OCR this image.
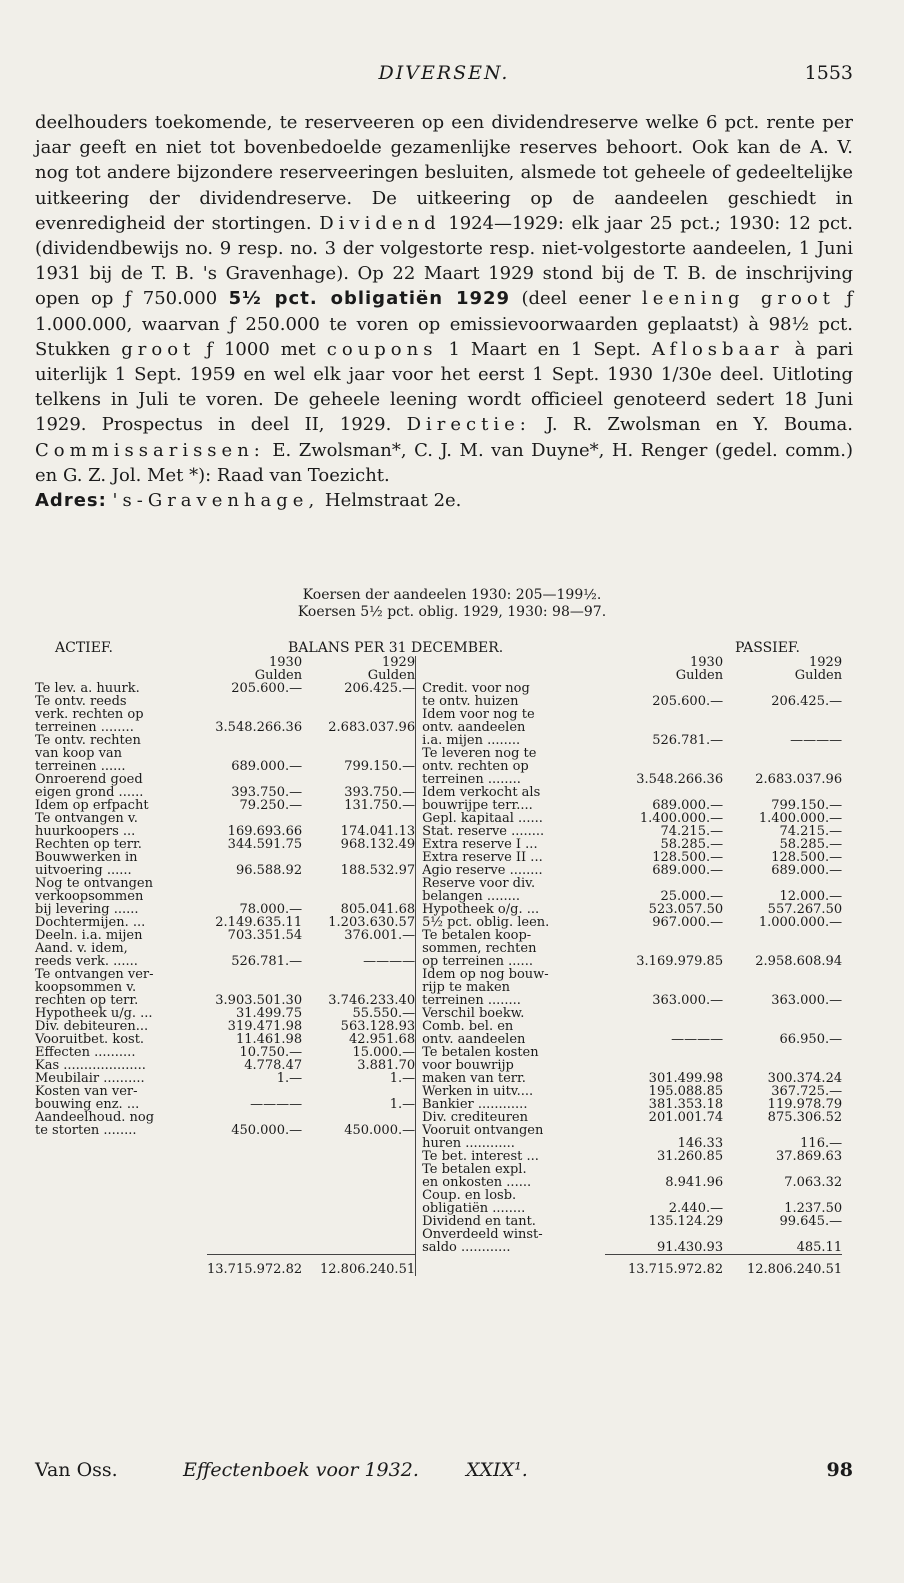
DIVERSEN.	1553

deelhouders toekomende, te reserveeren op een dividendreserve welke 6 pct. rente per jaar geeft en niet tot bovenbedoelde gezamenlijke reserves behoort. Ook kan de A. V. nog tot andere bijzondere reserveeringen besluiten, alsmede tot geheele of gedeeltelijke uitkeering der dividendreserve. De uitkeering op de aandeelen geschiedt in evenredigheid der stortingen. Dividend 1924—1929: elk jaar 25 pct.; 1930: 12 pct. (dividendbewijs no. 9 resp. no. 3 der volgestorte resp. niet-volgestorte aandeelen, 1 Juni 1931 bij de T. B. 's Gravenhage). Op 22 Maart 1929 stond bij de T. B. de inschrijving open op ƒ 750.000 5½ pct. obligatiën 1929 (deel eener leening groot ƒ 1.000.000, waarvan ƒ 250.000 te voren op emissievoorwaarden geplaatst) à 98½ pct. Stukken groot ƒ 1000 met coupons 1 Maart en 1 Sept. Aflosbaar à pari uiterlijk 1 Sept. 1959 en wel elk jaar voor het eerst 1 Sept. 1930 1/30e deel. Uitloting telkens in Juli te voren. De geheele leening wordt officieel genoteerd sedert 18 Juni 1929. Prospectus in deel II, 1929. Directie: J. R. Zwolsman en Y. Bouma. Commissarissen: E. Zwolsman*, C. J. M. van Duyne*, H. Renger (gedel. comm.) en G. Z. Jol. Met *): Raad van Toezicht.

Adres: 's-Gravenhage, Helmstraat 2e.

Koersen der aandeelen 1930: 205—199½.
Koersen 5½ pct. oblig. 1929, 1930: 98—97.
ACTIEF.	BALANS PER 31 DECEMBER.	PASSIEF.
	1930	1929			1930	1929
	Gulden	Gulden			Gulden	Gulden
Te lev. a. huurk.	205.600.—	206.425.—		Credit. voor nog		
Te ontv. reeds				te ontv. huizen	205.600.—	206.425.—
verk. rechten op				Idem voor nog te		
terreinen ........	3.548.266.36	2.683.037.96		ontv. aandeelen		
Te ontv. rechten				i.a. mijen ........	526.781.—	————
van koop van				Te leveren nog te		
terreinen ......	689.000.—	799.150.—		ontv. rechten op		
Onroerend goed				terreinen ........	3.548.266.36	2.683.037.96
eigen grond ......	393.750.—	393.750.—		Idem verkocht als		
Idem op erfpacht	79.250.—	131.750.—		bouwrijpe terr....	689.000.—	799.150.—
Te ontvangen v.				Gepl. kapitaal ......	1.400.000.—	1.400.000.—
huurkoopers ...	169.693.66	174.041.13		Stat. reserve ........	74.215.—	74.215.—
Rechten op terr.	344.591.75	968.132.49		Extra reserve I ...	58.285.—	58.285.—
Bouwwerken in				Extra reserve II ...	128.500.—	128.500.—
uitvoering ......	96.588.92	188.532.97		Agio reserve ........	689.000.—	689.000.—
Nog te ontvangen				Reserve voor div.		
verkoopsommen				belangen ........	25.000.—	12.000.—
bij levering ......	78.000.—	805.041.68		Hypotheek o/g. ...	523.057.50	557.267.50
Dochtermijen. ...	2.149.635.11	1.203.630.57		5½ pct. oblig. leen.	967.000.—	1.000.000.—
Deeln. i.a. mijen	703.351.54	376.001.—		Te betalen koop-		
Aand. v. idem,				sommen, rechten		
reeds verk. ......	526.781.—	————		op terreinen ......	3.169.979.85	2.958.608.94
Te ontvangen ver-				Idem op nog bouw-		
koopsommen v.				rijp te maken		
rechten op terr.	3.903.501.30	3.746.233.40		terreinen ........	363.000.—	363.000.—
Hypotheek u/g. ...	31.499.75	55.550.—		Verschil boekw.		
Div. debiteuren...	319.471.98	563.128.93		Comb. bel. en		
Vooruitbet. kost.	11.461.98	42.951.68		ontv. aandeelen	————	66.950.—
Effecten ..........	10.750.—	15.000.—		Te betalen kosten		
Kas ....................	4.778.47	3.881.70		voor bouwrijp		
Meubilair ..........	1.—	1.—		maken van terr.	301.499.98	300.374.24
Kosten van ver-				Werken in uitv....	195.088.85	367.725.—
bouwing enz. ...	————	1.—		Bankier ............	381.353.18	119.978.79
Aandeelhoud. nog				Div. crediteuren	201.001.74	875.306.52
te storten ........	450.000.—	450.000.—		Vooruit ontvangen		
				huren ............	146.33	116.—
				Te bet. interest ...	31.260.85	37.869.63
				Te betalen expl.		
				en onkosten ......	8.941.96	7.063.32
				Coup. en losb.		
				obligatiën ........	2.440.—	1.237.50
				Dividend en tant.	135.124.29	99.645.—
				Onverdeeld winst-		
				saldo ............	91.430.93	485.11
	13.715.972.82	12.806.240.51			13.715.972.82	12.806.240.51
Van Oss.	Effectenboek voor 1932. XXIX¹.	98
